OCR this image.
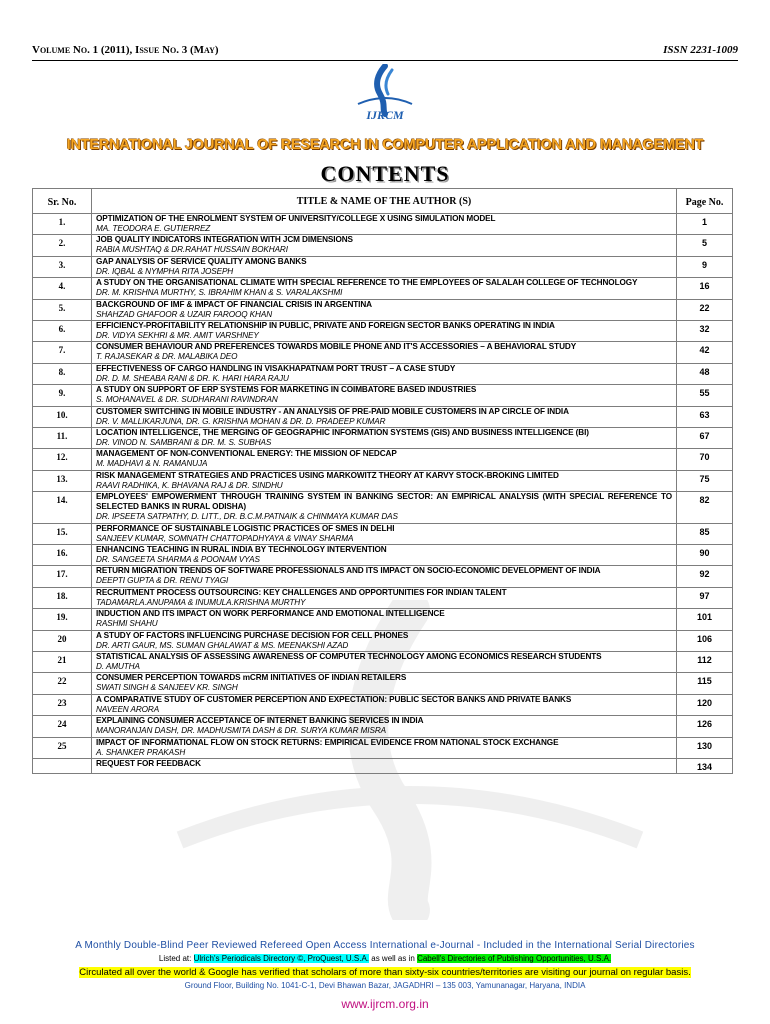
Volume No. 1 (2011), Issue No. 3 (May)	ISSN 2231-1009
IJRCM
INTERNATIONAL JOURNAL OF RESEARCH IN COMPUTER APPLICATION AND MANAGEMENT
CONTENTS
Sr. No.	TITLE & NAME OF THE AUTHOR (S)	Page No.
1.	OPTIMIZATION OF THE ENROLMENT SYSTEM OF UNIVERSITY/COLLEGE X USING SIMULATION MODEL
MA. TEODORA E. GUTIERREZ	1
2.	JOB QUALITY INDICATORS INTEGRATION WITH JCM DIMENSIONS
RABIA MUSHTAQ & DR.RAHAT HUSSAIN BOKHARI	5
3.	GAP ANALYSIS OF SERVICE QUALITY AMONG BANKS
DR. IQBAL & NYMPHA RITA JOSEPH	9
4.	A STUDY ON THE ORGANISATIONAL CLIMATE WITH SPECIAL REFERENCE TO THE EMPLOYEES OF SALALAH COLLEGE OF TECHNOLOGY
DR. M. KRISHNA MURTHY, S. IBRAHIM KHAN & S. VARALAKSHMI	16
5.	BACKGROUND OF IMF & IMPACT OF FINANCIAL CRISIS IN ARGENTINA
SHAHZAD GHAFOOR & UZAIR FAROOQ KHAN	22
6.	EFFICIENCY-PROFITABILITY RELATIONSHIP IN PUBLIC, PRIVATE AND FOREIGN SECTOR BANKS OPERATING IN INDIA
DR. VIDYA SEKHRI & MR. AMIT VARSHNEY	32
7.	CONSUMER BEHAVIOUR AND PREFERENCES TOWARDS MOBILE PHONE AND IT'S ACCESSORIES – A BEHAVIORAL STUDY
T. RAJASEKAR & DR. MALABIKA DEO	42
8.	EFFECTIVENESS OF CARGO HANDLING IN VISAKHAPATNAM PORT TRUST – A CASE STUDY
DR. D. M. SHEABA RANI & DR. K. HARI HARA RAJU	48
9.	A STUDY ON SUPPORT OF ERP SYSTEMS FOR MARKETING IN COIMBATORE BASED INDUSTRIES
S. MOHANAVEL & DR. SUDHARANI RAVINDRAN	55
10.	CUSTOMER SWITCHING IN MOBILE INDUSTRY - AN ANALYSIS OF PRE-PAID MOBILE CUSTOMERS IN AP CIRCLE OF INDIA
DR. V. MALLIKARJUNA, DR. G. KRISHNA MOHAN & DR. D. PRADEEP KUMAR	63
11.	LOCATION INTELLIGENCE, THE MERGING OF GEOGRAPHIC INFORMATION SYSTEMS (GIS) AND BUSINESS INTELLIGENCE (BI)
DR. VINOD N. SAMBRANI & DR. M. S. SUBHAS	67
12.	MANAGEMENT OF NON-CONVENTIONAL ENERGY: THE MISSION OF NEDCAP
M. MADHAVI & N. RAMANUJA	70
13.	RISK MANAGEMENT STRATEGIES AND PRACTICES USING MARKOWITZ THEORY AT KARVY STOCK-BROKING LIMITED
RAAVI RADHIKA, K. BHAVANA RAJ & DR. SINDHU	75
14.	EMPLOYEES' EMPOWERMENT THROUGH TRAINING SYSTEM IN BANKING SECTOR: AN EMPIRICAL ANALYSIS (WITH SPECIAL REFERENCE TO SELECTED BANKS IN RURAL ODISHA)
DR. IPSEETA SATPATHY, D. LITT., DR. B.C.M.PATNAIK & CHINMAYA KUMAR DAS	82
15.	PERFORMANCE OF SUSTAINABLE LOGISTIC PRACTICES OF SMES IN DELHI
SANJEEV KUMAR, SOMNATH CHATTOPADHYAYA & VINAY SHARMA	85
16.	ENHANCING TEACHING IN RURAL INDIA BY TECHNOLOGY INTERVENTION
DR. SANGEETA SHARMA & POONAM VYAS	90
17.	RETURN MIGRATION TRENDS OF SOFTWARE PROFESSIONALS AND ITS IMPACT ON SOCIO-ECONOMIC DEVELOPMENT OF INDIA
DEEPTI GUPTA & DR. RENU TYAGI	92
18.	RECRUITMENT PROCESS OUTSOURCING: KEY CHALLENGES AND OPPORTUNITIES FOR INDIAN TALENT
TADAMARLA.ANUPAMA & INUMULA.KRISHNA MURTHY	97
19.	INDUCTION AND ITS IMPACT ON WORK PERFORMANCE AND EMOTIONAL INTELLIGENCE
RASHMI SHAHU	101
20	A STUDY OF FACTORS INFLUENCING PURCHASE DECISION FOR CELL PHONES
DR. ARTI GAUR, MS. SUMAN GHALAWAT & MS. MEENAKSHI AZAD	106
21	STATISTICAL ANALYSIS OF ASSESSING AWARENESS OF COMPUTER TECHNOLOGY AMONG ECONOMICS RESEARCH STUDENTS
D. AMUTHA	112
22	CONSUMER PERCEPTION TOWARDS mCRM INITIATIVES OF INDIAN RETAILERS
SWATI SINGH & SANJEEV KR. SINGH	115
23	A COMPARATIVE STUDY OF CUSTOMER PERCEPTION AND EXPECTATION: PUBLIC SECTOR BANKS AND PRIVATE BANKS
NAVEEN ARORA	120
24	EXPLAINING CONSUMER ACCEPTANCE OF INTERNET BANKING SERVICES IN INDIA
MANORANJAN DASH, DR. MADHUSMITA DASH & DR. SURYA KUMAR MISRA	126
25	IMPACT OF INFORMATIONAL FLOW ON STOCK RETURNS: EMPIRICAL EVIDENCE FROM NATIONAL STOCK EXCHANGE
A. SHANKER PRAKASH	130

	REQUEST FOR FEEDBACK	134
A Monthly Double-Blind Peer Reviewed Refereed Open Access International e-Journal - Included in the International Serial Directories
Listed at: Ulrich's Periodicals Directory ©, ProQuest, U.S.A. as well as in Cabell's Directories of Publishing Opportunities, U.S.A.
Circulated all over the world & Google has verified that scholars of more than sixty-six countries/territories are visiting our journal on regular basis.
Ground Floor, Building No. 1041-C-1, Devi Bhawan Bazar, JAGADHRI – 135 003, Yamunanagar, Haryana, INDIA
www.ijrcm.org.in
